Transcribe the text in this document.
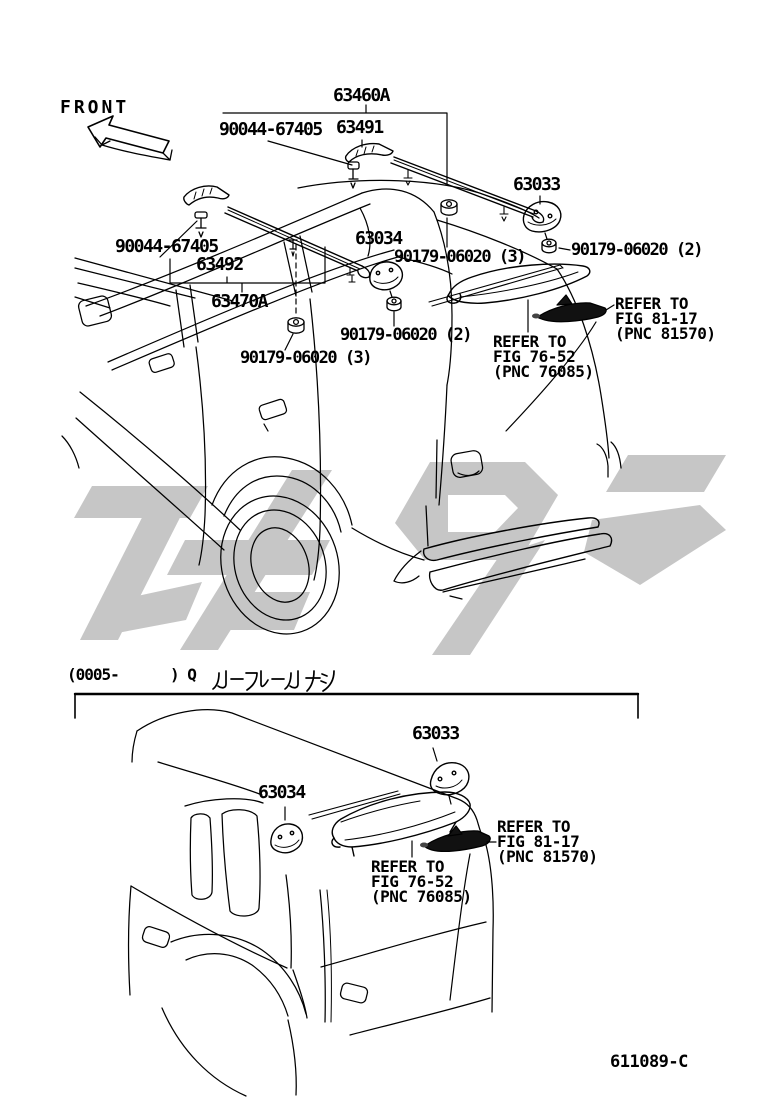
FRONT
63460A
90044-67405 63491
63033
90044-67405
63492
63034
90179-06020 (3)	90179-06020 (2)
63470A
90179-06020 (2)
90179-06020 (3)
REFER TO
FIG 76-52
(PNC 76085)
REFER TO
FIG 81-17
(PNC 81570)
(0005-	) Q
63033
63034
REFER TO
FIG 76-52
(PNC 76085)
REFER TO
FIG 81-17
(PNC 81570)
611089-C
